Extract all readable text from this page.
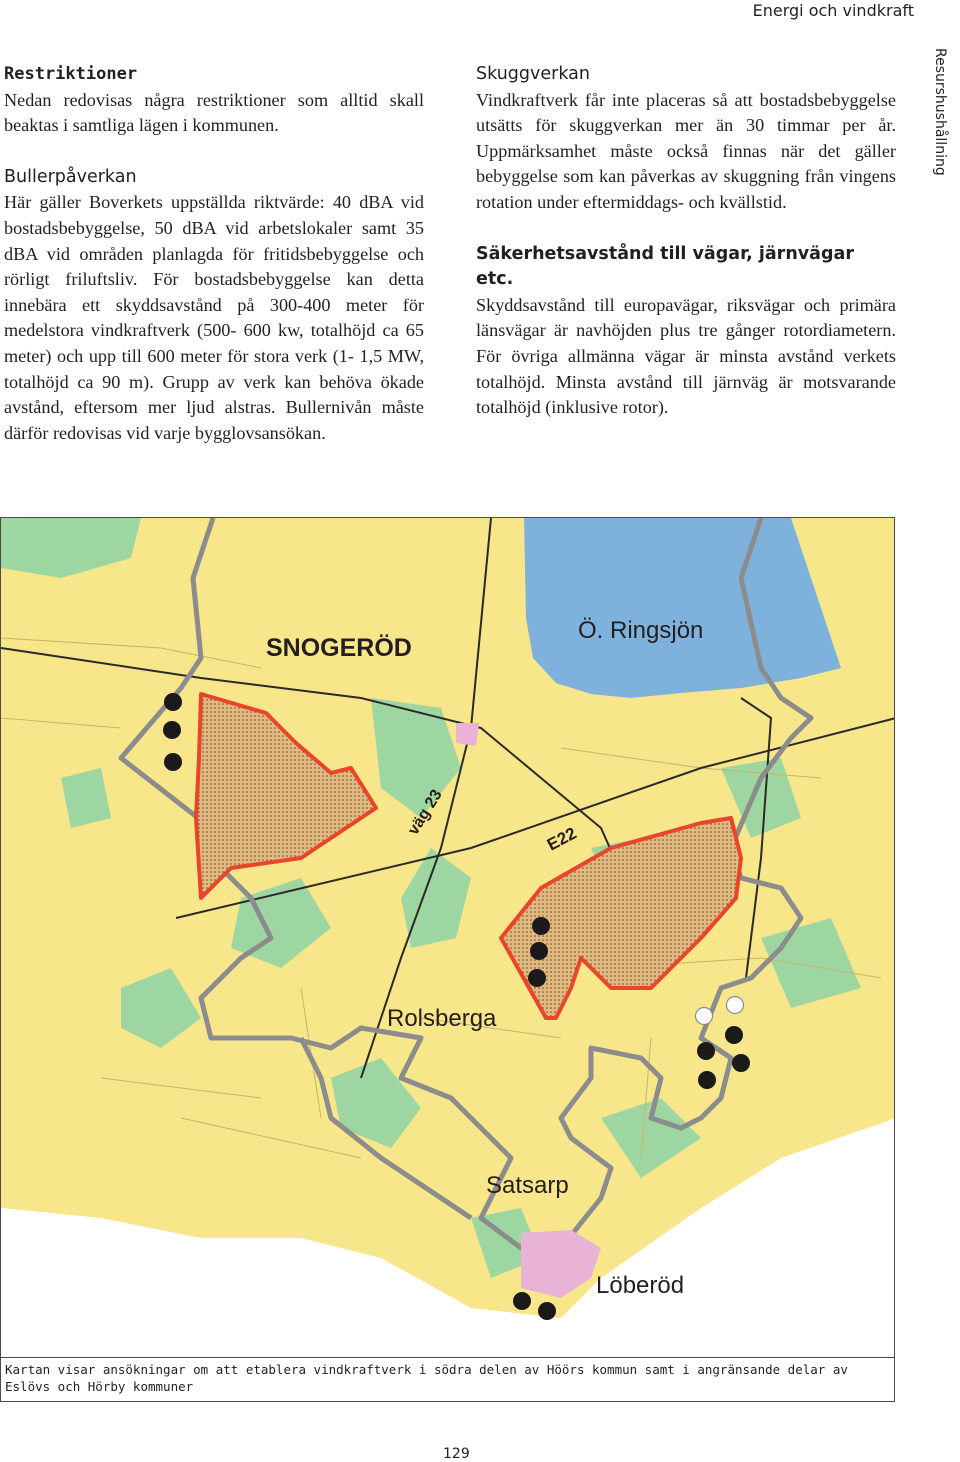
Energi och vindkraft
Resurshushållning
Restriktioner

Nedan redovisas några restriktioner som alltid skall beaktas i samtliga lägen i kommunen.

Bullerpåverkan

Här gäller Boverkets uppställda riktvärde: 40 dBA vid bostadsbebyggelse, 50 dBA vid arbetslokaler samt 35 dBA vid områden planlagda för fritidsbebyggelse och rörligt friluftsliv. För bostadsbebyggelse kan detta innebära ett skyddsavstånd på 300-400 meter för medelstora vindkraftverk (500- 600 kw, totalhöjd ca 65 meter) och upp till 600 meter för stora verk (1- 1,5 MW, totalhöjd ca 90 m). Grupp av verk kan behöva ökade avstånd, eftersom mer ljud alstras. Bullernivån måste därför redovisas vid varje bygglovsansökan.

Skuggverkan

Vindkraftverk får inte placeras så att bostadsbebyggelse utsätts för skuggverkan mer än 30 timmar per år. Uppmärksamhet måste också finnas när det gäller bebyggelse som kan påverkas av skuggning från vingens rotation under eftermiddags- och kvällstid.

Säkerhetsavstånd till vägar, järnvägar etc.

Skyddsavstånd till europavägar, riksvägar och primära länsvägar är navhöjden plus tre gånger rotordiametern. För övriga allmänna vägar är minsta avstånd verkets totalhöjd. Minsta avstånd till järnväg är motsvarande totalhöjd (inklusive rotor).

SNOGERÖD
Ö. Ringsjön
väg 23
E22
Rolsberga
Satsarp
Löberöd
Kartan visar ansökningar om att etablera vindkraftverk i södra delen av Höörs kommun samt i angränsande delar av Eslövs och Hörby kommuner
129
